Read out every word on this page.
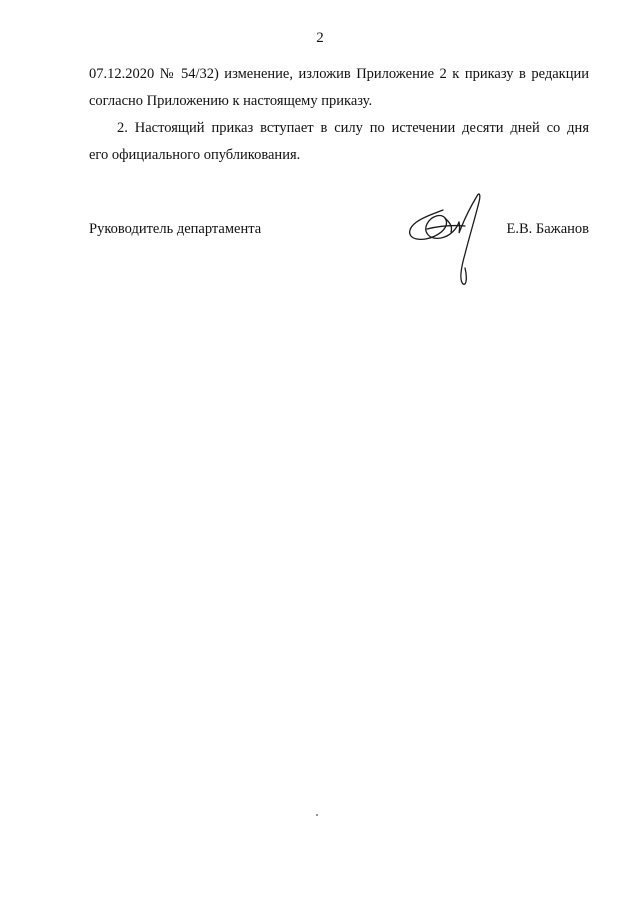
2
07.12.2020 № 54/32) изменение, изложив Приложение 2 к приказу в редакции
согласно Приложению к настоящему приказу.
2. Настоящий приказ вступает в силу по истечении десяти дней со дня
его официального опубликования.
Руководитель департамента	Е.В. Бажанов
